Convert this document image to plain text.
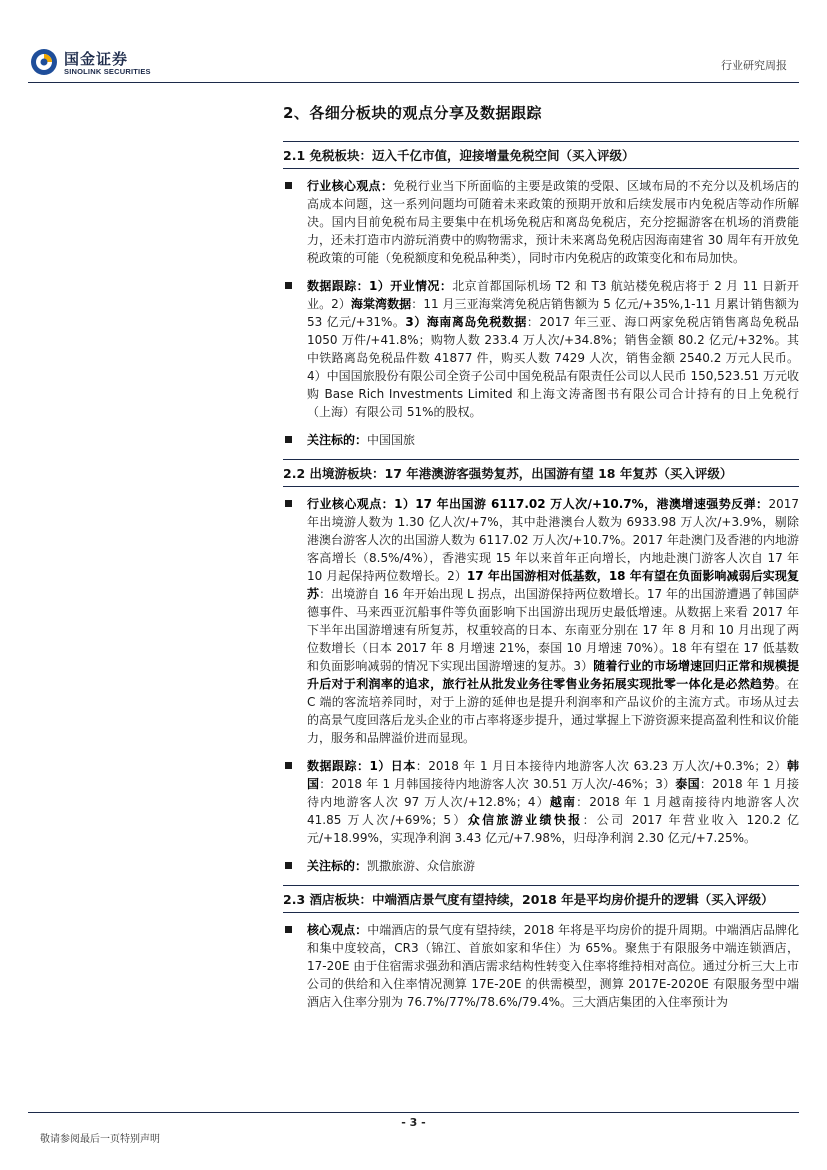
国金证券
SINOLINK SECURITIES	行业研究周报
2、各细分板块的观点分享及数据跟踪
2.1 免税板块：迈入千亿市值，迎接增量免税空间（买入评级）
行业核心观点：免税行业当下所面临的主要是政策的受限、区域布局的不充分以及机场店的高成本问题，这一系列问题均可随着未来政策的预期开放和后续发展市内免税店等动作所解决。国内目前免税布局主要集中在机场免税店和离岛免税店，充分挖掘游客在机场的消费能力，还未打造市内游玩消费中的购物需求，预计未来离岛免税店因海南建省 30 周年有开放免税政策的可能（免税额度和免税品种类），同时市内免税店的政策变化和布局加快。
数据跟踪：1）开业情况：北京首都国际机场 T2 和 T3 航站楼免税店将于 2 月 11 日新开业。2）海棠湾数据：11 月三亚海棠湾免税店销售额为 5 亿元/+35%,1-11 月累计销售额为 53 亿元/+31%。3）海南离岛免税数据：2017 年三亚、海口两家免税店销售离岛免税品 1050 万件/+41.8%；购物人数 233.4 万人次/+34.8%；销售金额 80.2 亿元/+32%。其中铁路离岛免税品件数 41877 件，购买人数 7429 人次，销售金额 2540.2 万元人民币。4）中国国旅股份有限公司全资子公司中国免税品有限责任公司以人民币 150,523.51 万元收购 Base Rich Investments Limited 和上海文涛斋图书有限公司合计持有的日上免税行（上海）有限公司 51%的股权。
关注标的：中国国旅
2.2 出境游板块：17 年港澳游客强势复苏，出国游有望 18 年复苏（买入评级）
行业核心观点：1）17 年出国游 6117.02 万人次/+10.7%，港澳增速强势反弹：2017 年出境游人数为 1.30 亿人次/+7%，其中赴港澳台人数为 6933.98 万人次/+3.9%，剔除港澳台游客人次的出国游人数为 6117.02 万人次/+10.7%。2017 年赴澳门及香港的内地游客高增长（8.5%/4%），香港实现 15 年以来首年正向增长，内地赴澳门游客人次自 17 年 10 月起保持两位数增长。2）17 年出国游相对低基数，18 年有望在负面影响减弱后实现复苏：出境游自 16 年开始出现 L 拐点，出国游保持两位数增长。17 年的出国游遭遇了韩国萨德事件、马来西亚沉船事件等负面影响下出国游出现历史最低增速。从数据上来看 2017 年下半年出国游增速有所复苏，权重较高的日本、东南亚分别在 17 年 8 月和 10 月出现了两位数增长（日本 2017 年 8 月增速 21%，泰国 10 月增速 70%）。18 年有望在 17 低基数和负面影响减弱的情况下实现出国游增速的复苏。3）随着行业的市场增速回归正常和规模提升后对于利润率的追求，旅行社从批发业务往零售业务拓展实现批零一体化是必然趋势。在 C 端的客流培养同时，对于上游的延伸也是提升利润率和产品议价的主流方式。市场从过去的高景气度回落后龙头企业的市占率将逐步提升，通过掌握上下游资源来提高盈利性和议价能力，服务和品牌溢价进而显现。
数据跟踪：1）日本：2018 年 1 月日本接待内地游客人次 63.23 万人次/+0.3%；2）韩国：2018 年 1 月韩国接待内地游客人次 30.51 万人次/-46%；3）泰国：2018 年 1 月接待内地游客人次 97 万人次/+12.8%；4）越南：2018 年 1 月越南接待内地游客人次 41.85 万人次/+69%；5）众信旅游业绩快报：公司 2017 年营业收入 120.2 亿元/+18.99%，实现净利润 3.43 亿元/+7.98%，归母净利润 2.30 亿元/+7.25%。
关注标的：凯撒旅游、众信旅游
2.3 酒店板块：中端酒店景气度有望持续，2018 年是平均房价提升的逻辑（买入评级）
核心观点：中端酒店的景气度有望持续，2018 年将是平均房价的提升周期。中端酒店品牌化和集中度较高，CR3（锦江、首旅如家和华住）为 65%。聚焦于有限服务中端连锁酒店，17-20E 由于住宿需求强劲和酒店需求结构性转变入住率将维持相对高位。通过分析三大上市公司的供给和入住率情况测算 17E-20E 的供需模型，测算 2017E-2020E 有限服务型中端酒店入住率分别为 76.7%/77%/78.6%/79.4%。三大酒店集团的入住率预计为
- 3 -
敬请参阅最后一页特别声明
